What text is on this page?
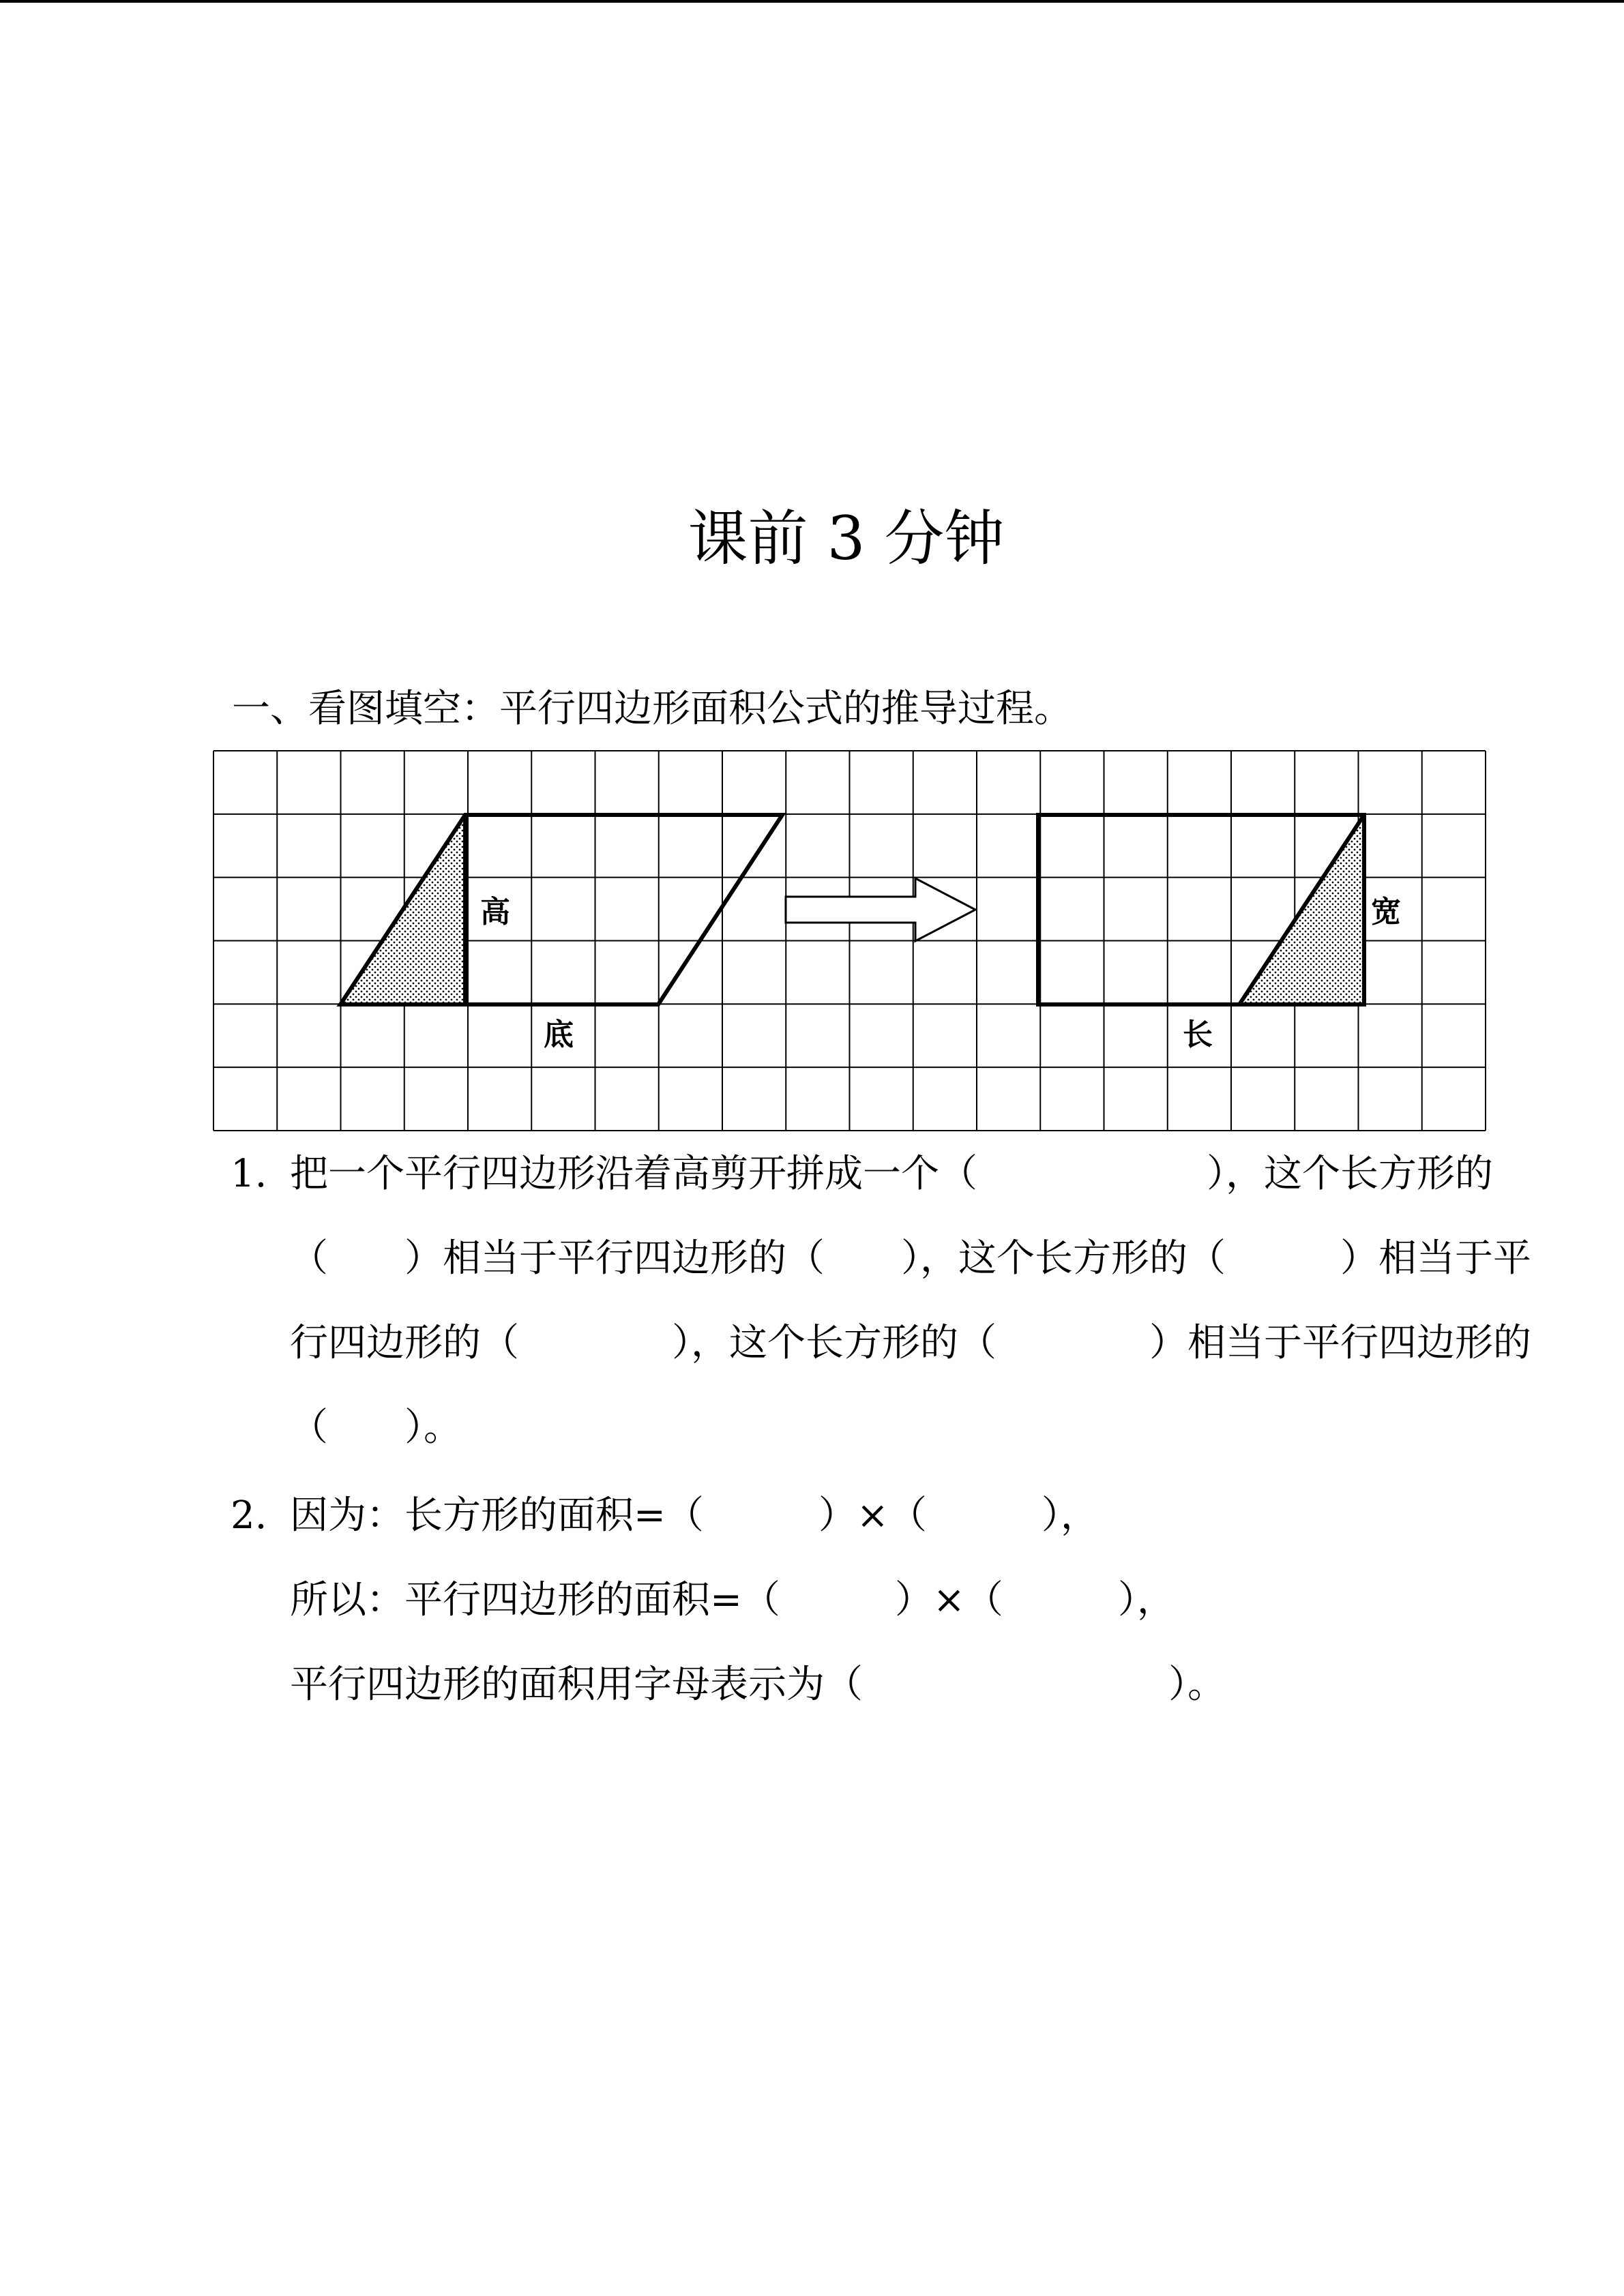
课前 3 分钟
一、看图填空：平行四边形面积公式的推导过程。
高
底
宽
长
1. 把一个平行四边形沿着高剪开拼成一个（　　　　　　），这个长方形的
（　　）相当于平行四边形的（　　），这个长方形的（　　　）相当于平
行四边形的（　　　　），这个长方形的（　　　　）相当于平行四边形的
（　　）。
2. 因为：长方形的面积=（　　　）×（　　　），
所以：平行四边形的面积=（　　　）×（　　　），
平行四边形的面积用字母表示为（　　　　　　　　）。
